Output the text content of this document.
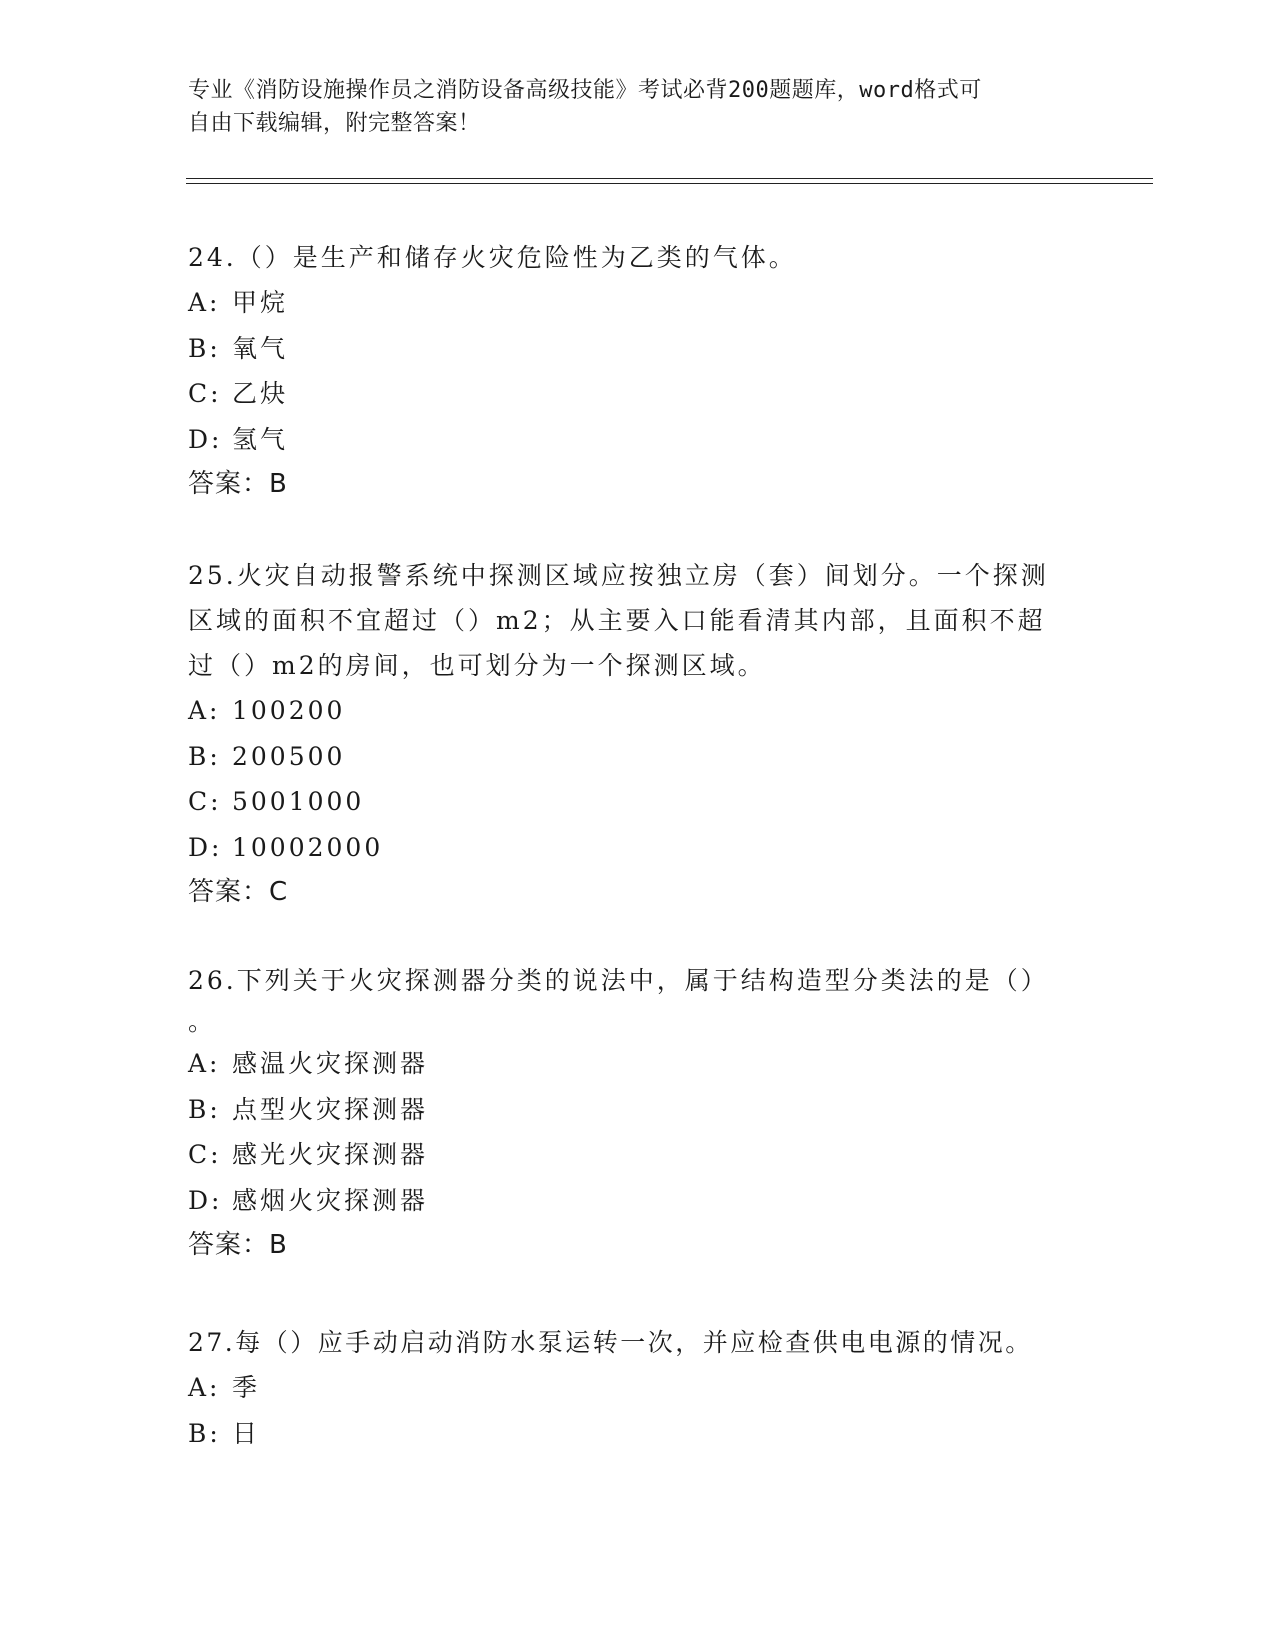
专业《消防设施操作员之消防设备高级技能》考试必背200题题库，word格式可
自由下载编辑，附完整答案！

24.（）是生产和储存火灾危险性为乙类的气体。

A: 甲烷

B: 氧气

C: 乙炔

D: 氢气

答案：B

25.火灾自动报警系统中探测区域应按独立房（套）间划分。一个探测

区域的面积不宜超过（）m2；从主要入口能看清其内部，且面积不超

过（）m2的房间，也可划分为一个探测区域。

A: 100200

B: 200500

C: 5001000

D: 10002000

答案：C

26.下列关于火灾探测器分类的说法中，属于结构造型分类法的是（）

。

A: 感温火灾探测器

B: 点型火灾探测器

C: 感光火灾探测器

D: 感烟火灾探测器

答案：B

27.每（）应手动启动消防水泵运转一次，并应检查供电电源的情况。

A: 季

B: 日
